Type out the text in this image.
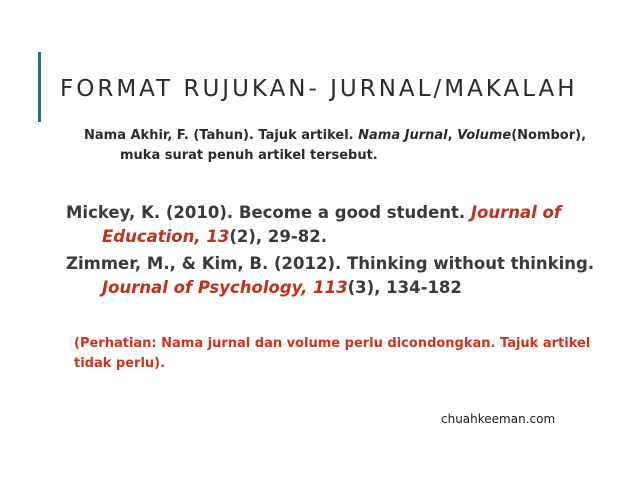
FORMAT RUJUKAN- JURNAL/MAKALAH
Nama Akhir, F. (Tahun). Tajuk artikel. Nama Jurnal, Volume(Nombor),
muka surat penuh artikel tersebut.
Mickey, K. (2010). Become a good student. Journal of
Education, 13(2), 29-82.
Zimmer, M., & Kim, B. (2012). Thinking without thinking.
Journal of Psychology, 113(3), 134-182
(Perhatian: Nama jurnal dan volume perlu dicondongkan. Tajuk artikel tidak perlu).
chuahkeeman.com
